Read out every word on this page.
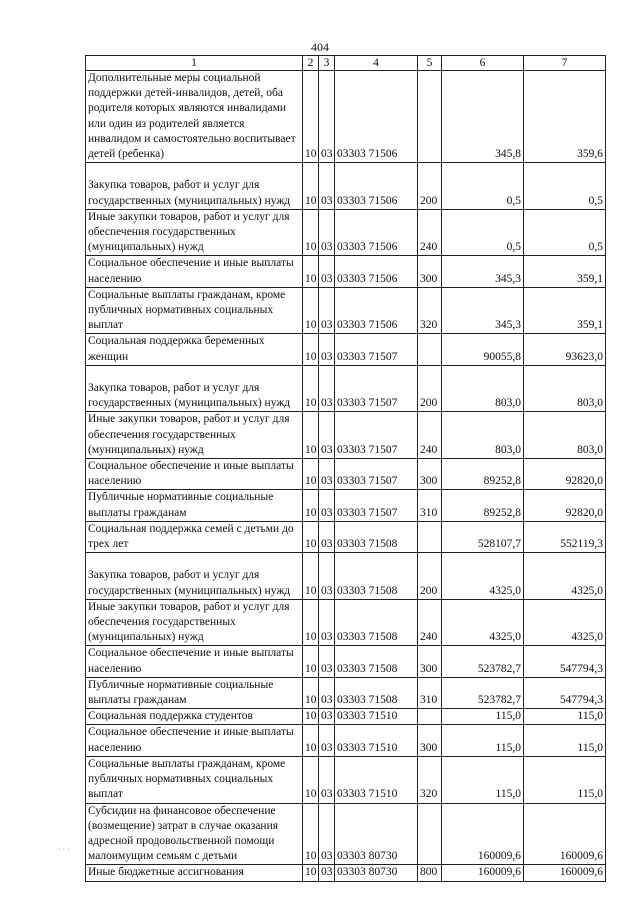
404
1	2	3	4	5	6	7
Дополнительные меры социальной поддержки детей-инвалидов, детей, оба родителя которых являются инвалидами или один из родителей является инвалидом и самостоятельно воспитывает детей (ребенка)	10	03	03303 71506		345,8	359,6
Закупка товаров, работ и услуг для государственных (муниципальных) нужд	10	03	03303 71506	200	0,5	0,5
Иные закупки товаров, работ и услуг для обеспечения государственных (муниципальных) нужд	10	03	03303 71506	240	0,5	0,5
Социальное обеспечение и иные выплаты населению	10	03	03303 71506	300	345,3	359,1
Социальные выплаты гражданам, кроме публичных нормативных социальных выплат	10	03	03303 71506	320	345,3	359,1
Социальная поддержка беременных женщин	10	03	03303 71507		90055,8	93623,0
Закупка товаров, работ и услуг для государственных (муниципальных) нужд	10	03	03303 71507	200	803,0	803,0
Иные закупки товаров, работ и услуг для обеспечения государственных (муниципальных) нужд	10	03	03303 71507	240	803,0	803,0
Социальное обеспечение и иные выплаты населению	10	03	03303 71507	300	89252,8	92820,0
Публичные нормативные социальные выплаты гражданам	10	03	03303 71507	310	89252,8	92820,0
Социальная поддержка семей с детьми до трех лет	10	03	03303 71508		528107,7	552119,3
Закупка товаров, работ и услуг для государственных (муниципальных) нужд	10	03	03303 71508	200	4325,0	4325,0
Иные закупки товаров, работ и услуг для обеспечения государственных (муниципальных) нужд	10	03	03303 71508	240	4325,0	4325,0
Социальное обеспечение и иные выплаты населению	10	03	03303 71508	300	523782,7	547794,3
Публичные нормативные социальные выплаты гражданам	10	03	03303 71508	310	523782,7	547794,3
Социальная поддержка студентов	10	03	03303 71510		115,0	115,0
Социальное обеспечение и иные выплаты населению	10	03	03303 71510	300	115,0	115,0
Социальные выплаты гражданам, кроме публичных нормативных социальных выплат	10	03	03303 71510	320	115,0	115,0
Субсидии на финансовое обеспечение (возмещение) затрат в случае оказания адресной продовольственной помощи малоимущим семьям с детьми	10	03	03303 80730		160009,6	160009,6
Иные бюджетные ассигнования	10	03	03303 80730	800	160009,6	160009,6
· · ·
